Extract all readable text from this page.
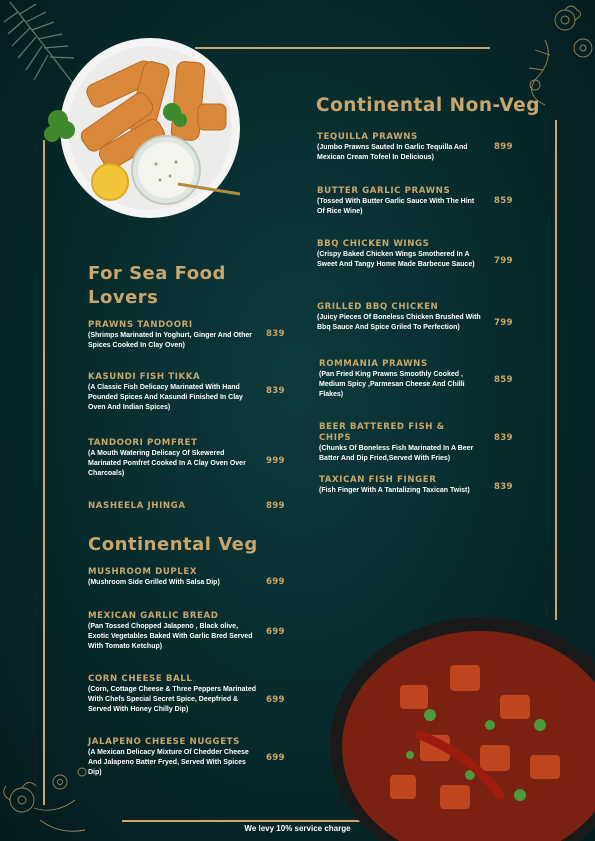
For Sea Food Lovers
PRAWNS TANDOORI
(Shrimps Marinated In Yoghurt, Ginger And Other Spices Cooked In Clay Oven)
839
KASUNDI FISH TIKKA
(A Classic Fish Delicacy Marinated With Hand Pounded Spices And Kasundi Finished In Clay Oven And Indian Spices)
839
TANDOORI POMFRET
(A Mouth Watering Delicacy Of Skewered Marinated Pomfret Cooked In A Clay Oven Over Charcoals)
999
NASHEELA JHINGA	899
Continental Veg
MUSHROOM DUPLEX
(Mushroom Side Grilled With Salsa Dip)	699
MEXICAN GARLIC BREAD
(Pan Tossed Chopped Jalapeno , Black olive, Exotic Vegetables Baked With Garlic Bred Served With Tomato Ketchup)
699
CORN CHEESE BALL
(Corn, Cottage Cheese & Three Peppers Marinated With Chefs Special Secret Spice, Deepfried & Served With Honey Chilly Dip)
699
JALAPENO CHEESE NUGGETS
(A Mexican Delicacy Mixture Of Chedder Cheese And Jalapeno Batter Fryed, Served With Spices Dip)
699
Continental Non-Veg
TEQUILLA PRAWNS
(Jumbo Prawns Sauted In Garlic Tequilla And Mexican Cream Tofeel In Delicious)
899
BUTTER GARLIC PRAWNS
(Tossed With Butter Garlic Sauce With The Hint Of Rice Wine)
859
BBQ CHICKEN WINGS
(Crispy Baked Chicken Wings Smothered In A Sweet And Tangy Home Made Barbecue Sauce) 799
GRILLED BBQ CHICKEN
(Juicy Pieces Of Boneless Chicken Brushed With Bbq Sauce And Spice Griled To Perfection)	799
ROMMANIA PRAWNS
(Pan Fried King Prawns Smoothly Cooked , Medium Spicy ,Parmesan Cheese And Chilli Flakes)
859
BEER BATTERED FISH & CHIPS
(Chunks Of Boneless Fish Marinated In A Beer Batter And Dip Fried,Served With Fries)
839
TAXICAN FISH FINGER
(Fish Finger With A Tantalizing Taxican Twist)	839
We levy 10% service charge
